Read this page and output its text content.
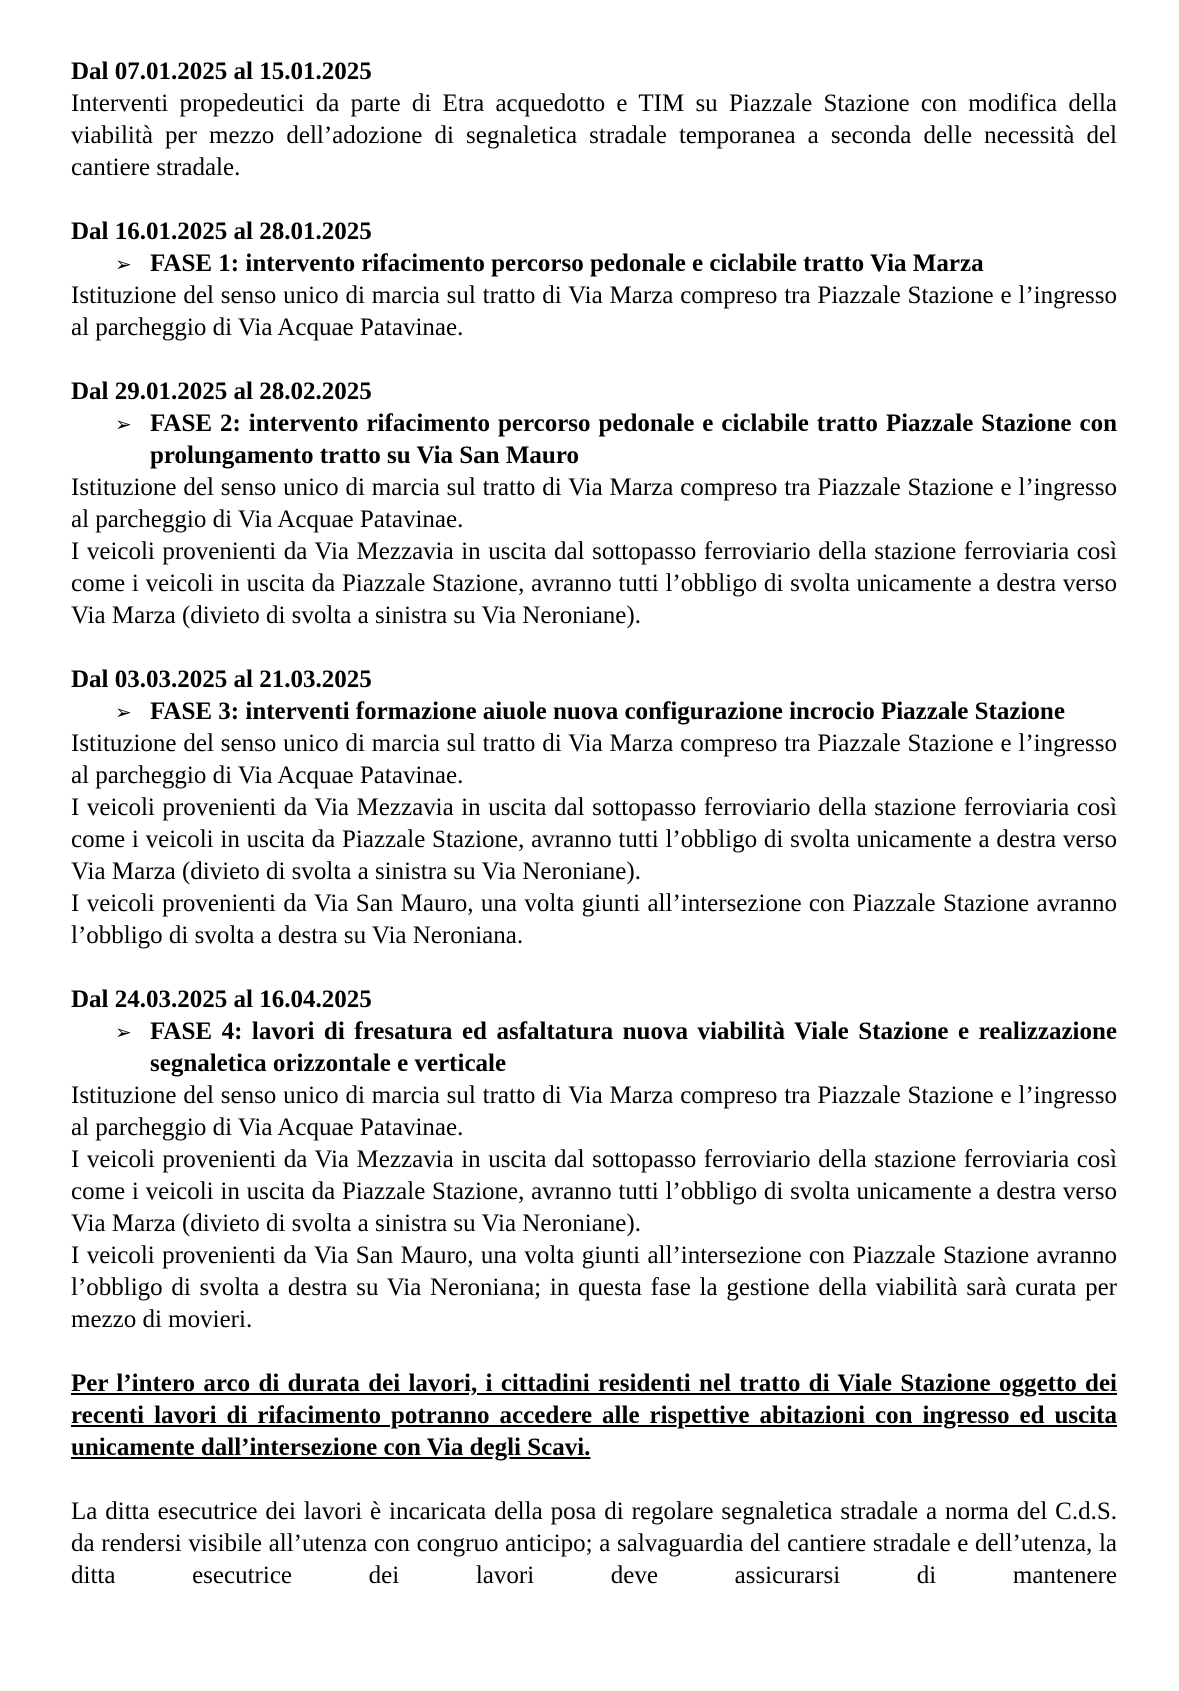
Dal 07.01.2025 al 15.01.2025

Interventi propedeutici da parte di Etra acquedotto e TIM su Piazzale Stazione con modifica della viabilità per mezzo dell’adozione di segnaletica stradale temporanea a seconda delle necessità del cantiere stradale.

Dal 16.01.2025 al 28.01.2025

➢ FASE 1: intervento rifacimento percorso pedonale e ciclabile tratto Via Marza

Istituzione del senso unico di marcia sul tratto di Via Marza compreso tra Piazzale Stazione e l’ingresso al parcheggio di Via Acquae Patavinae.

Dal 29.01.2025 al 28.02.2025

➢ FASE 2: intervento rifacimento percorso pedonale e ciclabile tratto Piazzale Stazione con prolungamento tratto su Via San Mauro

Istituzione del senso unico di marcia sul tratto di Via Marza compreso tra Piazzale Stazione e l’ingresso al parcheggio di Via Acquae Patavinae.

I veicoli provenienti da Via Mezzavia in uscita dal sottopasso ferroviario della stazione ferroviaria così come i veicoli in uscita da Piazzale Stazione, avranno tutti l’obbligo di svolta unicamente a destra verso Via Marza (divieto di svolta a sinistra su Via Neroniane).

Dal 03.03.2025 al 21.03.2025

➢ FASE 3: interventi formazione aiuole nuova configurazione incrocio Piazzale Stazione

Istituzione del senso unico di marcia sul tratto di Via Marza compreso tra Piazzale Stazione e l’ingresso al parcheggio di Via Acquae Patavinae.

I veicoli provenienti da Via Mezzavia in uscita dal sottopasso ferroviario della stazione ferroviaria così come i veicoli in uscita da Piazzale Stazione, avranno tutti l’obbligo di svolta unicamente a destra verso Via Marza (divieto di svolta a sinistra su Via Neroniane).

I veicoli provenienti da Via San Mauro, una volta giunti all’intersezione con Piazzale Stazione avranno l’obbligo di svolta a destra su Via Neroniana.

Dal 24.03.2025 al 16.04.2025

➢ FASE 4: lavori di fresatura ed asfaltatura nuova viabilità Viale Stazione e realizzazione segnaletica orizzontale e verticale

Istituzione del senso unico di marcia sul tratto di Via Marza compreso tra Piazzale Stazione e l’ingresso al parcheggio di Via Acquae Patavinae.

I veicoli provenienti da Via Mezzavia in uscita dal sottopasso ferroviario della stazione ferroviaria così come i veicoli in uscita da Piazzale Stazione, avranno tutti l’obbligo di svolta unicamente a destra verso Via Marza (divieto di svolta a sinistra su Via Neroniane).

I veicoli provenienti da Via San Mauro, una volta giunti all’intersezione con Piazzale Stazione avranno l’obbligo di svolta a destra su Via Neroniana; in questa fase la gestione della viabilità sarà curata per mezzo di movieri.

Per l’intero arco di durata dei lavori, i cittadini residenti nel tratto di Viale Stazione oggetto dei recenti lavori di rifacimento potranno accedere alle rispettive abitazioni con ingresso ed uscita unicamente dall’intersezione con Via degli Scavi.

La ditta esecutrice dei lavori è incaricata della posa di regolare segnaletica stradale a norma del C.d.S. da rendersi visibile all’utenza con congruo anticipo; a salvaguardia del cantiere stradale e dell’utenza, la ditta esecutrice dei lavori deve assicurarsi di mantenere
